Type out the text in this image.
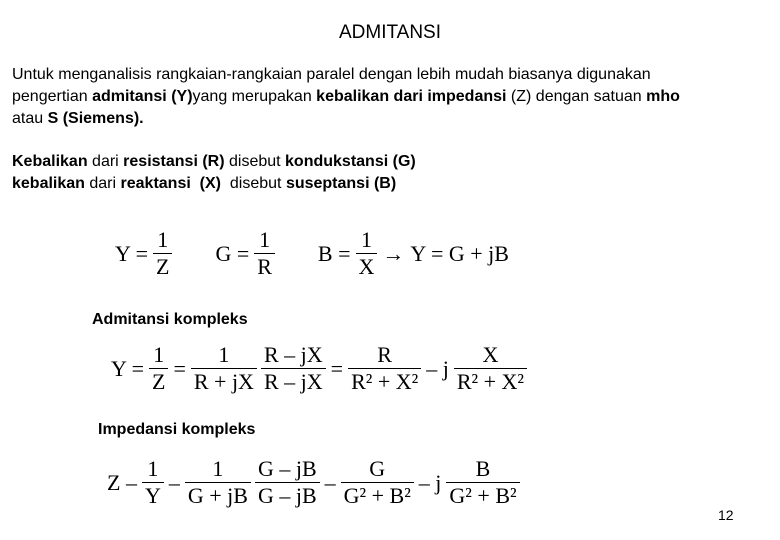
ADMITANSI
Untuk menganalisis rangkaian-rangkaian paralel dengan lebih mudah biasanya digunakan
pengertian admitansi (Y)yang merupakan kebalikan dari impedansi (Z) dengan satuan mho
atau S (Siemens).
Kebalikan dari resistansi (R) disebut kondukstansi (G)
kebalikan dari reaktansi  (X)  disebut suseptansi (B)
$Y = \frac{1}{Z}$ $G = \frac{1}{R}$ $B = \frac{1}{X} \to Y = G$ + jB
Admitansi kompleks
$Y = \frac{1}{Z} = \frac{1}{R + jX} \frac{R - jX}{R - jX} = \frac{R}{\text{R² + X²}} - j \frac{X}{\text{R² + X²}}$
Impedansi kompleks
Z – $\frac{1}{Y} - \frac{1}{G + jB} \frac{G - jB}{G - jB} - \frac{G}{\text{G² + B²}}$ – j $\frac{B}{\text{G² + B²}}$
12
